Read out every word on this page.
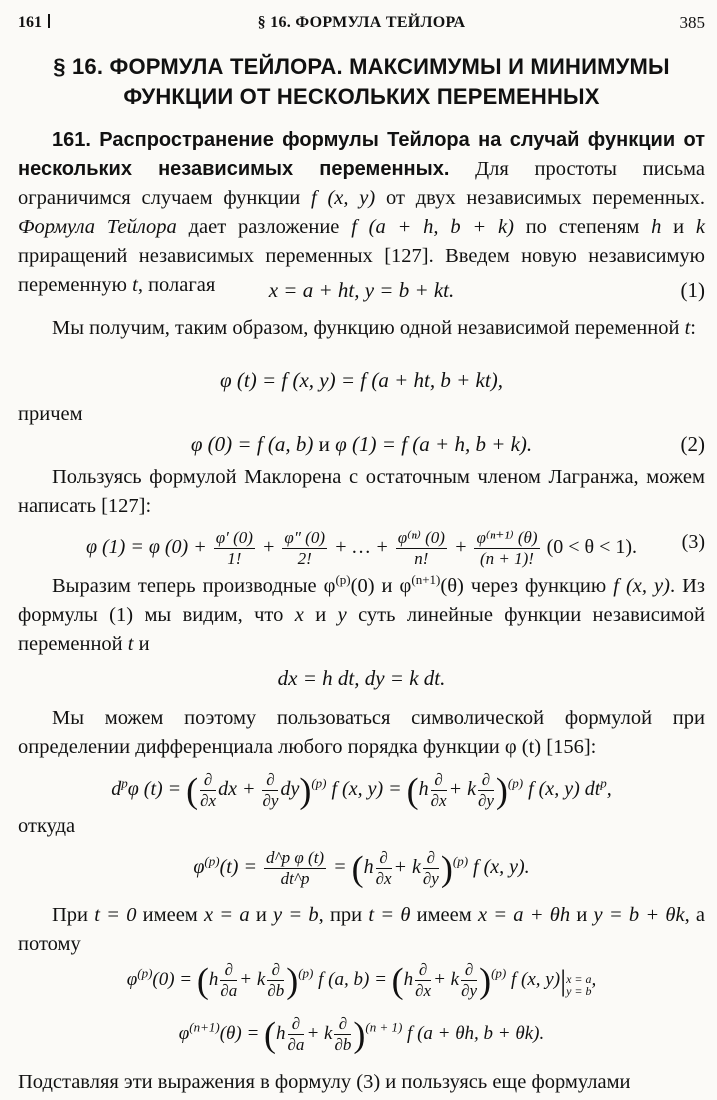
161	§ 16. ФОРМУЛА ТЕЙЛОРА	385
§ 16. ФОРМУЛА ТЕЙЛОРА. МАКСИМУМЫ И МИНИМУМЫ
ФУНКЦИИ ОТ НЕСКОЛЬКИХ ПЕРЕМЕННЫХ
161. Распространение формулы Тейлора на случай функции от нескольких независимых переменных. Для простоты письма ограничимся случаем функции f (x, y) от двух независимых переменных. Формула Тейлора дает разложение f (a + h, b + k) по степеням h и k приращений независимых переменных [127]. Введем новую независимую переменную t, полагая	x = a + ht, y = b + kt.	(1)
Мы получим, таким образом, функцию одной независимой переменной t:
φ (t) = f (x, y) = f (a + ht, b + kt),
причем
φ (0) = f (a, b) и φ (1) = f (a + h, b + k).	(2)
Пользуясь формулой Маклорена с остаточным членом Лагранжа, можем написать [127]:
φ (1) = φ $(0) + \frac{\varphi' (0)}{1!} + \frac{\varphi'' (0)}{2!}$ + … + $\frac{\text{φ⁽ⁿ⁾ (0)}}{n!} + \frac{\text{φ⁽ⁿ⁺¹⁾ (θ)}}{(n + 1)!} (0 < \theta < 1)$. (3)
Выразим теперь производные $\varphi^{(p)}(0)$ и $\varphi^{(n+1)}(\theta)$ через функцию f (x, y). Из формулы (1) мы видим, что x и y суть линейные функции независимой переменной t и
dx = h dt, dy = k dt.
Мы можем поэтому пользоваться символической формулой при определении дифференциала любого порядка функции φ (t) [156]:
$d^p\varphi$ (t) = ( $\frac{\partial}{\partial x}$ dx + $\frac{\partial}{\partial y} dy)^{(p)}$ f (x, $y) = (h \frac{\partial}{\partial x} + k \frac{\partial}{\partial y} )^{(p)}$ f (x, y) $dt^p$,
откуда
$\varphi^{(p)}(t) = \frac{\text{d\textasciicircum{}p φ (t)}}{dt\^{}p} = (h \frac{\partial}{\partial x} + k \frac{\partial}{\partial y} )^{(p)}$ f (x, y).
При t = 0 имеем x = a и y = b, при t = θ имеем x = a + θh и y = b + θk, а потому
$\varphi^{(p)}(0) = (h \frac{\partial}{\partial a} + k \frac{\partial}{\partial b} )^{(p)}$ f (a, $b) = (h \frac{\partial}{\partial x} + k \frac{\partial}{\partial y} )^{(p)}$ f (x, y)|x = a
y = b,
$\varphi^{(n+1)}(\theta) = (h \frac{\partial}{\partial a} + k \frac{\partial}{\partial b} )^{(n + 1)}$ f (a + θh, b + θk).
Подставляя эти выражения в формулу (3) и пользуясь еще формулами
